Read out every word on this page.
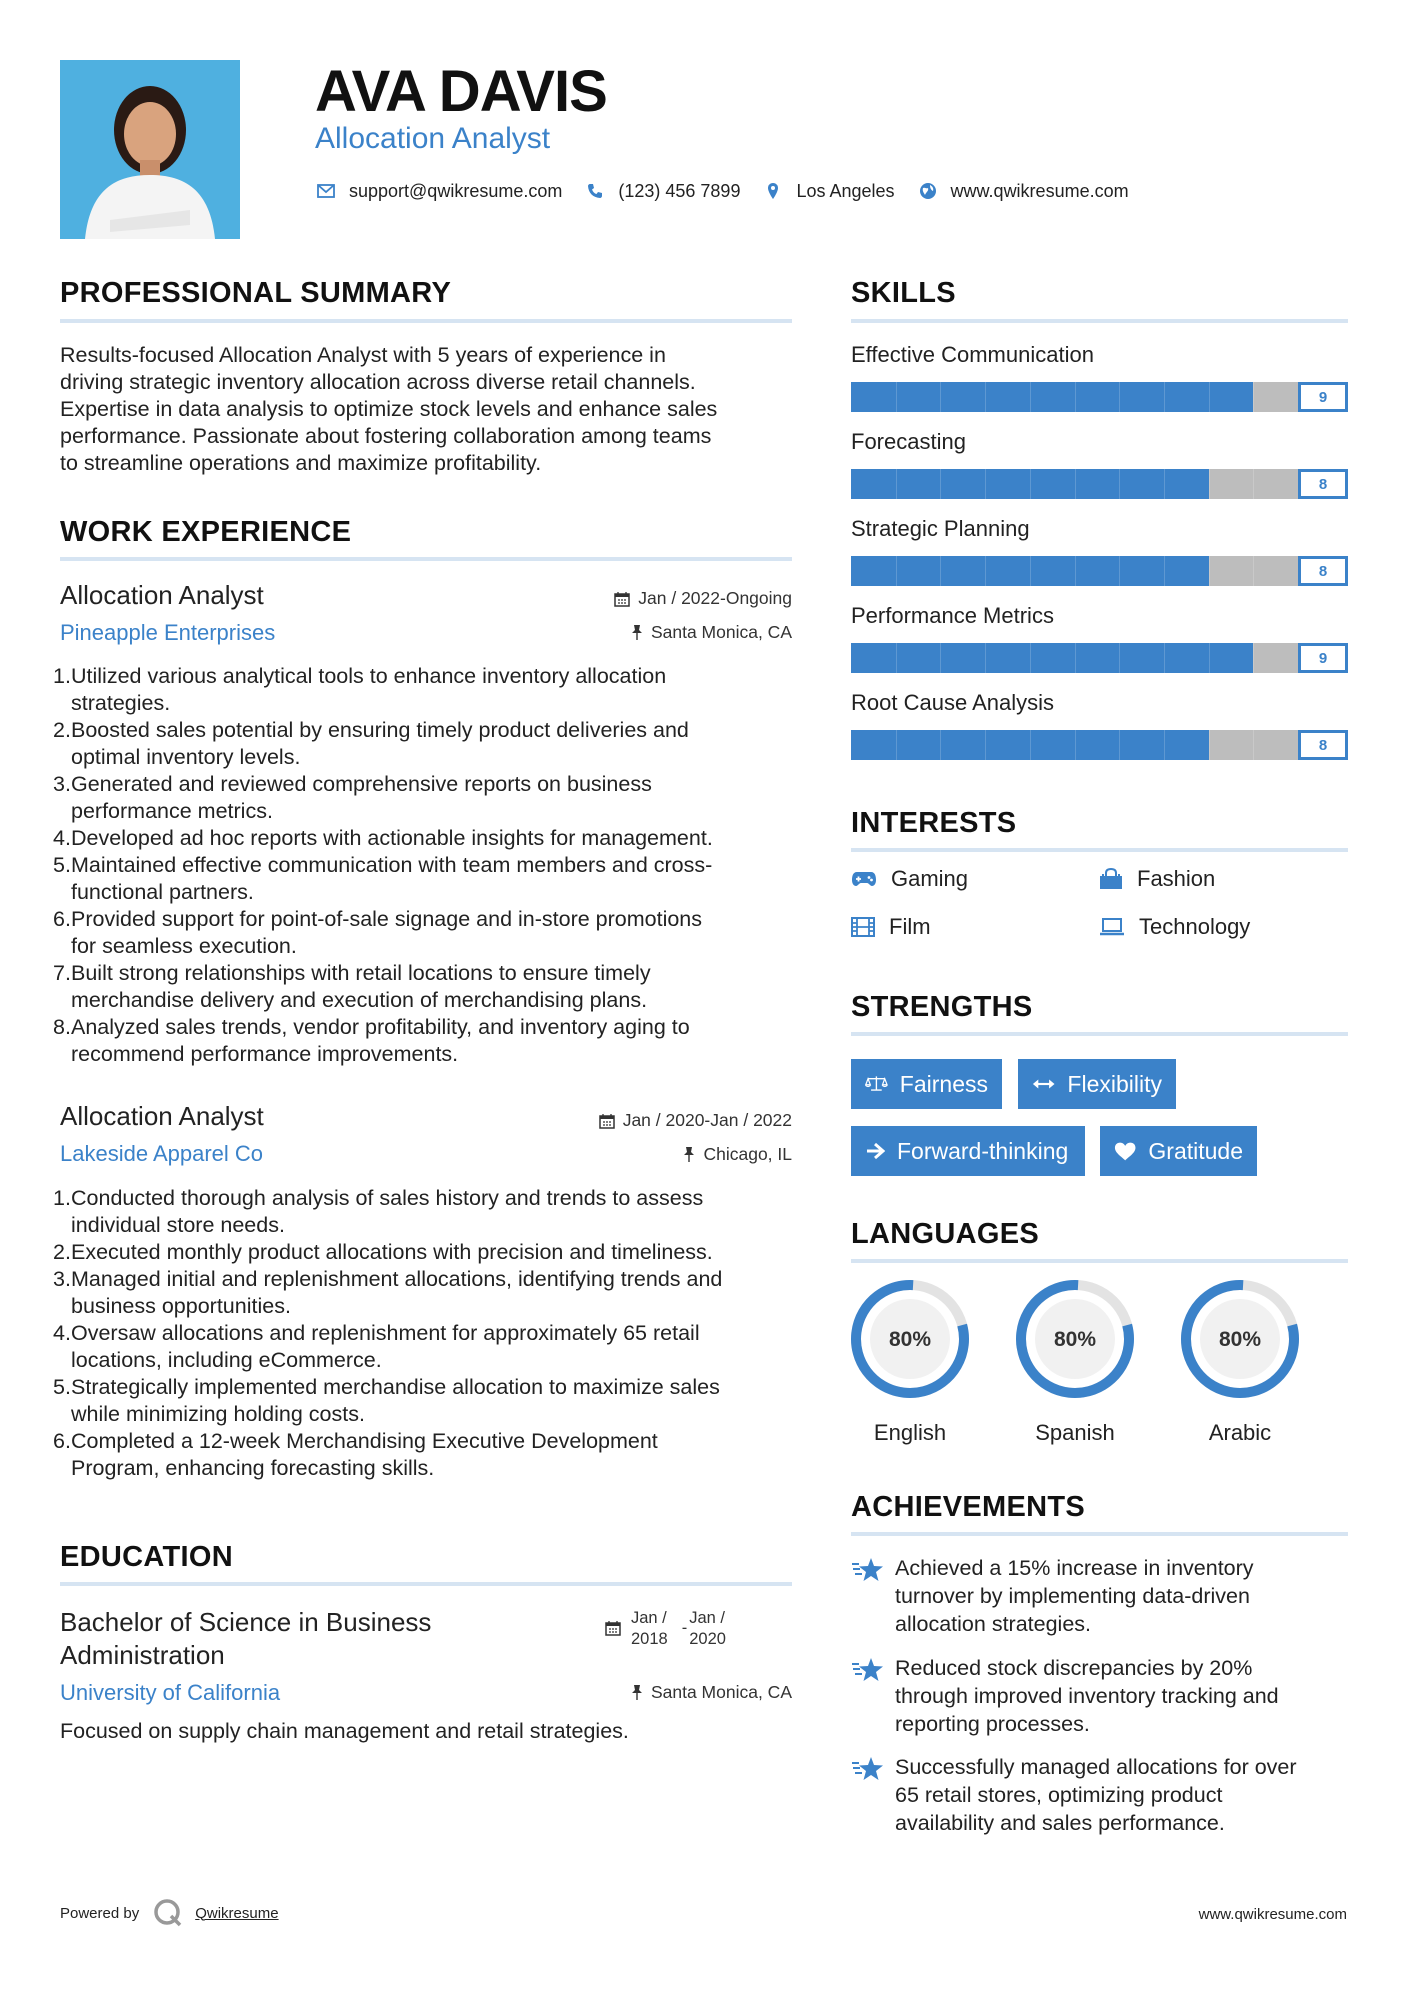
AVA DAVIS
Allocation Analyst
support@qwikresume.com	(123) 456 7899	Los Angeles	www.qwikresume.com
PROFESSIONAL SUMMARY
Results-focused Allocation Analyst with 5 years of experience in
driving strategic inventory allocation across diverse retail channels.
Expertise in data analysis to optimize stock levels and enhance sales
performance. Passionate about fostering collaboration among teams
to streamline operations and maximize profitability.
WORK EXPERIENCE
Allocation Analyst
Pineapple Enterprises
Jan / 2022-Ongoing
Santa Monica, CA
1. Utilized various analytical tools to enhance inventory allocation
strategies.
2. Boosted sales potential by ensuring timely product deliveries and
optimal inventory levels.
3. Generated and reviewed comprehensive reports on business
performance metrics.
4. Developed ad hoc reports with actionable insights for management.
5. Maintained effective communication with team members and cross-
functional partners.
6. Provided support for point-of-sale signage and in-store promotions
for seamless execution.
7. Built strong relationships with retail locations to ensure timely
merchandise delivery and execution of merchandising plans.
8. Analyzed sales trends, vendor profitability, and inventory aging to
recommend performance improvements.
Allocation Analyst
Lakeside Apparel Co
Jan / 2020-Jan / 2022
Chicago, IL
1. Conducted thorough analysis of sales history and trends to assess
individual store needs.
2. Executed monthly product allocations with precision and timeliness.
3. Managed initial and replenishment allocations, identifying trends and
business opportunities.
4. Oversaw allocations and replenishment for approximately 65 retail
locations, including eCommerce.
5. Strategically implemented merchandise allocation to maximize sales
while minimizing holding costs.
6. Completed a 12-week Merchandising Executive Development
Program, enhancing forecasting skills.
EDUCATION
Bachelor of Science in Business
Administration
University of California
Jan /
2018
-
Jan /
2020
Santa Monica, CA
Focused on supply chain management and retail strategies.
SKILLS
Effective Communication
9
Forecasting
8
Strategic Planning
8
Performance Metrics
9
Root Cause Analysis
8
INTERESTS
Gaming	Fashion
Film	Technology
STRENGTHS
Fairness	Flexibility
Forward-thinking	Gratitude
LANGUAGES
80%
English
80%
Spanish
80%
Arabic
ACHIEVEMENTS
Achieved a 15% increase in inventory
turnover by implementing data-driven
allocation strategies.
Reduced stock discrepancies by 20%
through improved inventory tracking and
reporting processes.
Successfully managed allocations for over
65 retail stores, optimizing product
availability and sales performance.
Powered by	Qwikresume	www.qwikresume.com
